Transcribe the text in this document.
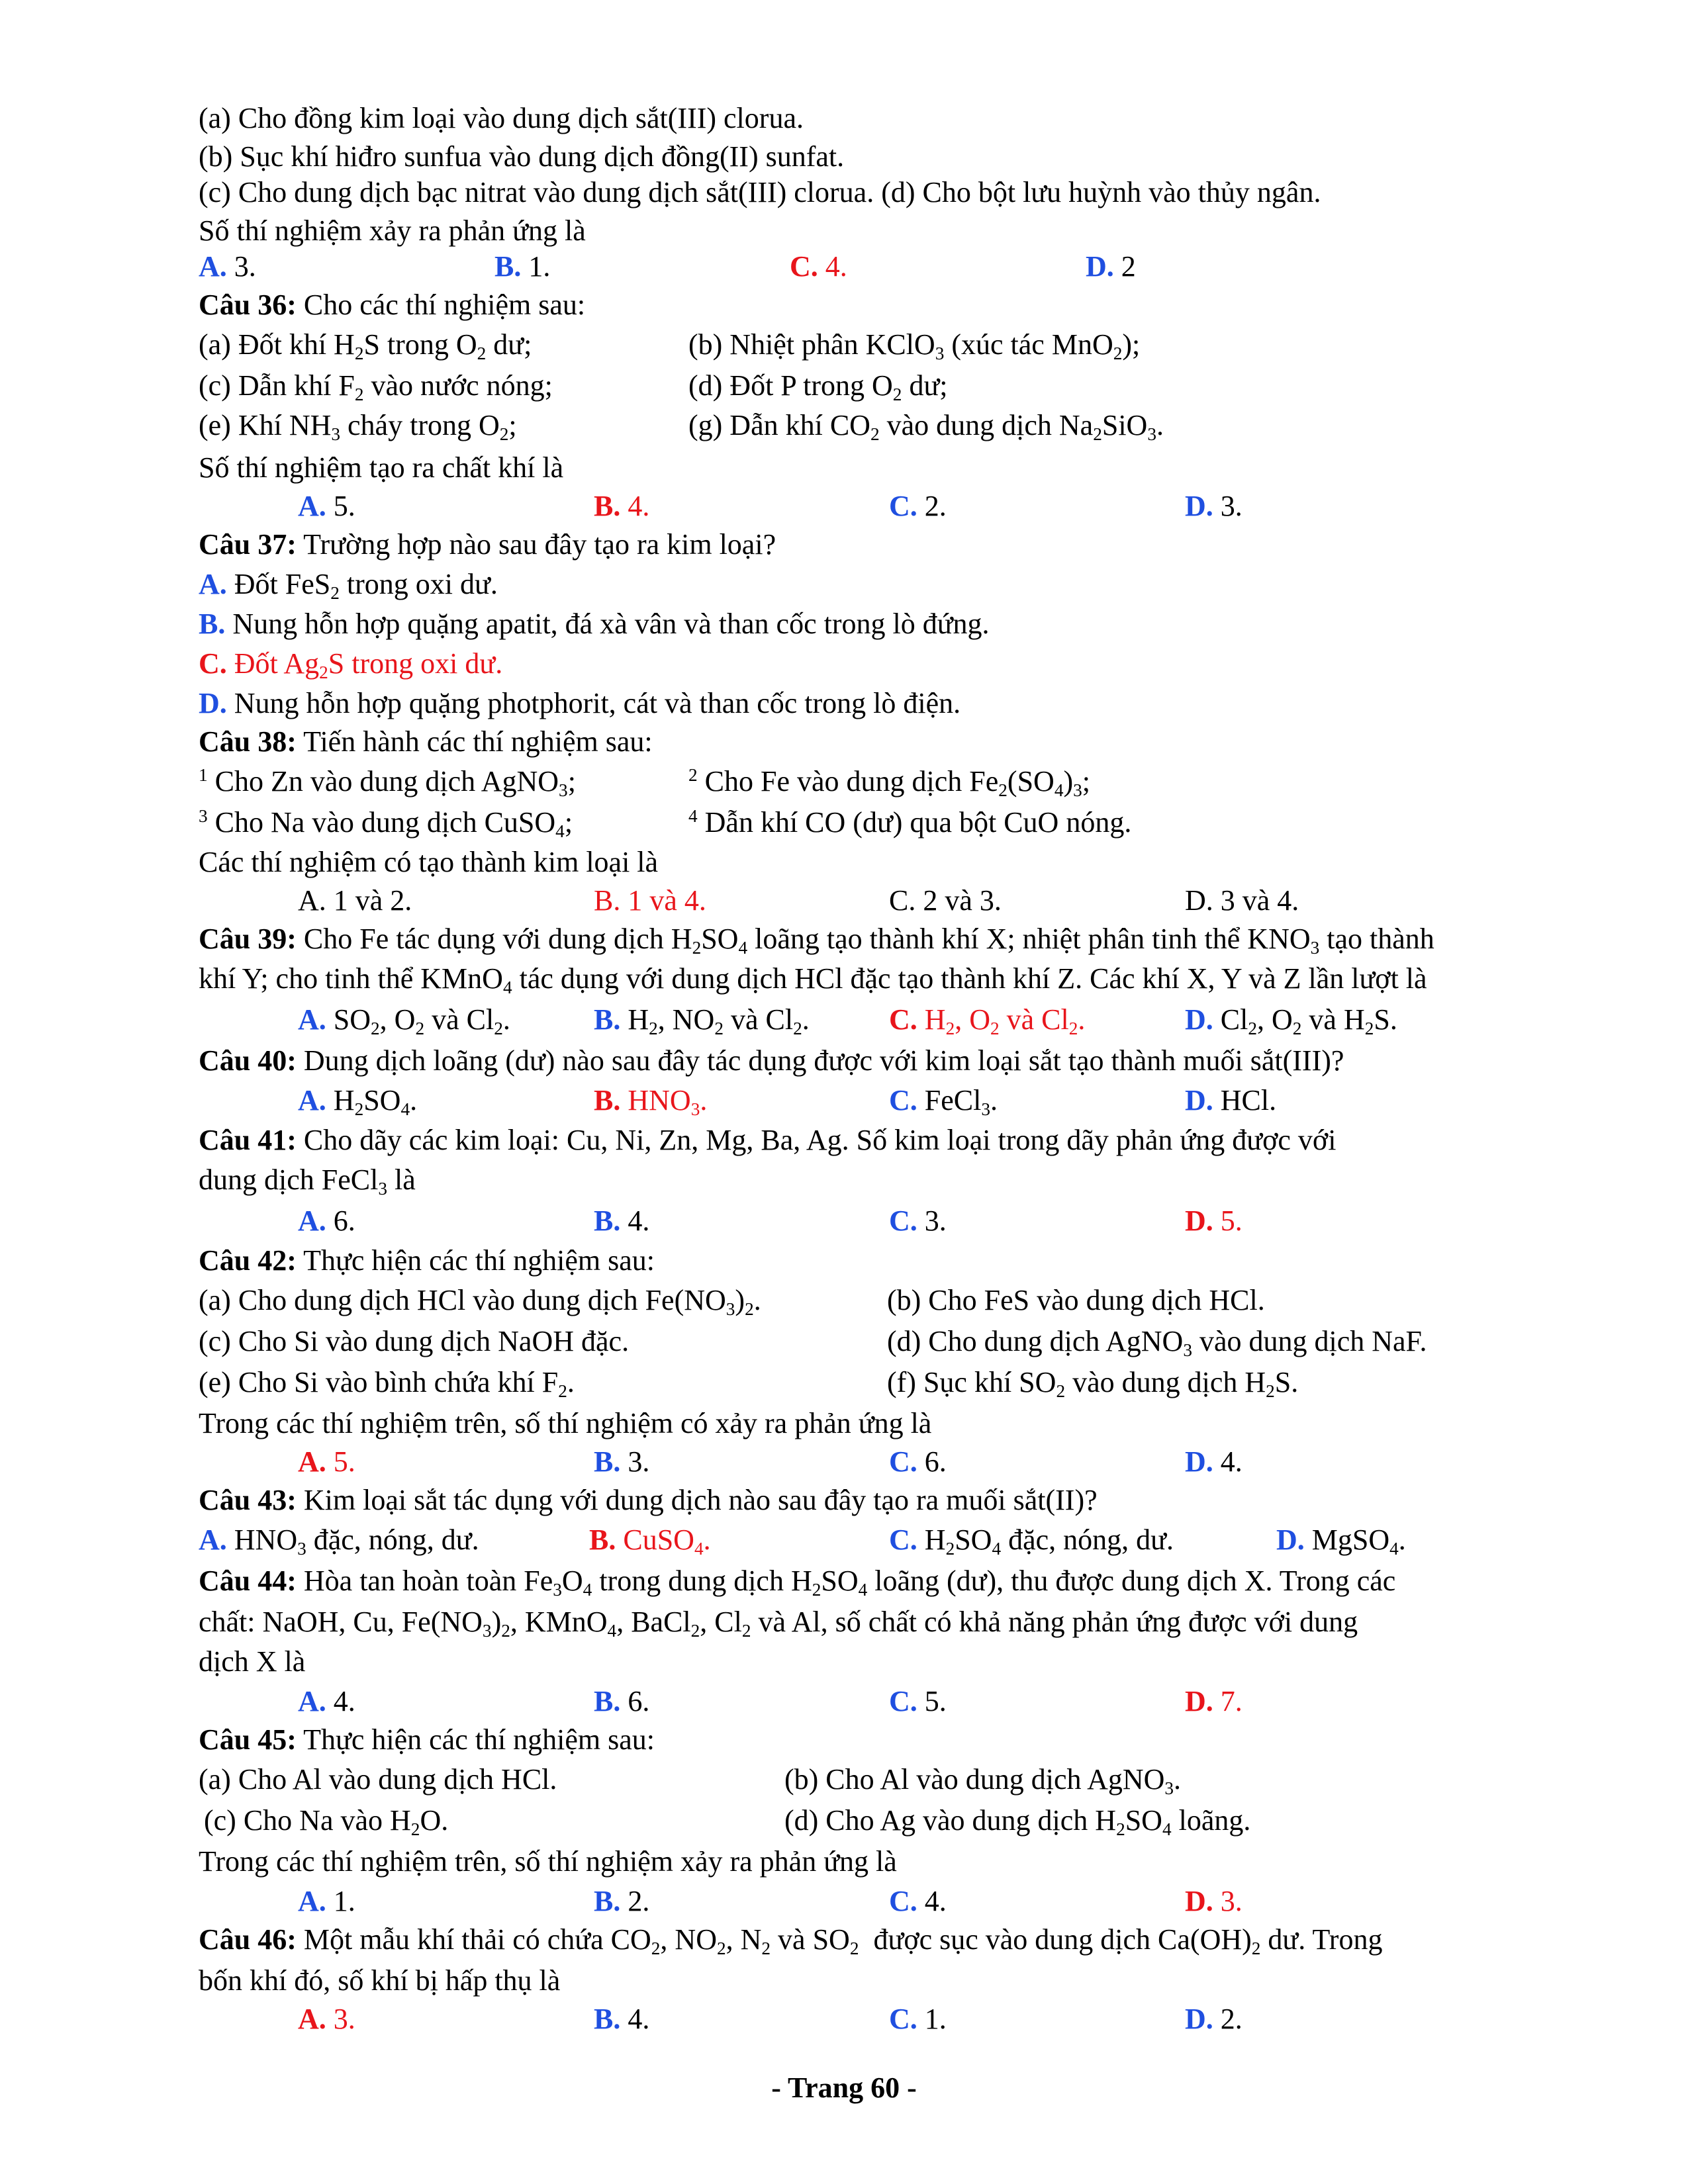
(a) Cho đồng kim loại vào dung dịch sắt(III) clorua.
(b) Sục khí hiđro sunfua vào dung dịch đồng(II) sunfat.
(c) Cho dung dịch bạc nitrat vào dung dịch sắt(III) clorua. (d) Cho bột lưu huỳnh vào thủy ngân.
Số thí nghiệm xảy ra phản ứng là
A. 3.	B. 1.	C. 4.	D. 2
Câu 36: Cho các thí nghiệm sau:
(a) Đốt khí $H_2S$ trong $O_2$ dư;	(b) Nhiệt phân KClO$_3$ (xúc tác MnO$_2$);
(c) Dẫn khí $F_2$ vào nước nóng;	(d) Đốt P trong $O_2$ dư;
(e) Khí $NH_3$ cháy trong $O_2$;	(g) Dẫn khí $CO_2$ vào dung dịch $Na_2SiO_3$.
Số thí nghiệm tạo ra chất khí là
A. 5.	B. 4.	C. 2.	D. 3.
Câu 37: Trường hợp nào sau đây tạo ra kim loại?
A. Đốt FeS$_2$ trong oxi dư.
B. Nung hỗn hợp quặng apatit, đá xà vân và than cốc trong lò đứng.
C. Đốt $Ag_2S$ trong oxi dư.
D. Nung hỗn hợp quặng photphorit, cát và than cốc trong lò điện.
Câu 38: Tiến hành các thí nghiệm sau:
$^1$ Cho Zn vào dung dịch AgNO$_3$;	$^2$ Cho Fe vào dung dịch $Fe_2(SO_4)_3$;
$^3$ Cho Na vào dung dịch CuSO$_4$;	$^4$ Dẫn khí CO (dư) qua bột CuO nóng.
Các thí nghiệm có tạo thành kim loại là
A. 1 và 2.	B. 1 và 4.	C. 2 và 3.	D. 3 và 4.
Câu 39: Cho Fe tác dụng với dung dịch $H_2SO_4$ loãng tạo thành khí X; nhiệt phân tinh thể $KNO_3$ tạo thành
khí Y; cho tinh thể KMnO$_4$ tác dụng với dung dịch HCl đặc tạo thành khí Z. Các khí X, Y và Z lần lượt là
A. $SO_2$, $O_2$ và $Cl_2$.	B. $H_2$, $NO_2$ và $Cl_2$.	C. $H_2$, $O_2$ và $Cl_2$.	D. $Cl_2$, $O_2$ và $H_2S$.
Câu 40: Dung dịch loãng (dư) nào sau đây tác dụng được với kim loại sắt tạo thành muối sắt(III)?
A. $H_2SO_4$.	B. $HNO_3$.	C. FeCl$_3$.	D. HCl.
Câu 41: Cho dãy các kim loại: Cu, Ni, Zn, Mg, Ba, Ag. Số kim loại trong dãy phản ứng được với
dung dịch FeCl$_3$ là
A. 6.	B. 4.	C. 3.	D. 5.
Câu 42: Thực hiện các thí nghiệm sau:
(a) Cho dung dịch HCl vào dung dịch $Fe(NO_3)_2$.	(b) Cho FeS vào dung dịch HCl.
(c) Cho Si vào dung dịch NaOH đặc.	(d) Cho dung dịch AgNO$_3$ vào dung dịch NaF.
(e) Cho Si vào bình chứa khí $F_2$.	(f) Sục khí $SO_2$ vào dung dịch $H_2S$.
Trong các thí nghiệm trên, số thí nghiệm có xảy ra phản ứng là
A. 5.	B. 3.	C. 6.	D. 4.
Câu 43: Kim loại sắt tác dụng với dung dịch nào sau đây tạo ra muối sắt(II)?
A. $HNO_3$ đặc, nóng, dư.	B. CuSO$_4$.	C. $H_2SO_4$ đặc, nóng, dư.	D. MgSO$_4$.
Câu 44: Hòa tan hoàn toàn $Fe_3O_4$ trong dung dịch $H_2SO_4$ loãng (dư), thu được dung dịch X. Trong các
chất: NaOH, Cu, $Fe(NO_3)_2$, KMnO$_4$, BaCl$_2$, $Cl_2$ và Al, số chất có khả năng phản ứng được với dung
dịch X là
A. 4.	B. 6.	C. 5.	D. 7.
Câu 45: Thực hiện các thí nghiệm sau:
(a) Cho Al vào dung dịch HCl.	(b) Cho Al vào dung dịch AgNO$_3$.
(c) Cho Na vào $H_2O$.	(d) Cho Ag vào dung dịch $H_2SO_4$ loãng.
Trong các thí nghiệm trên, số thí nghiệm xảy ra phản ứng là
A. 1.	B. 2.	C. 4.	D. 3.
Câu 46: Một mẫu khí thải có chứa $CO_2$, $NO_2$, $N_2$ và $SO_2$  được sục vào dung dịch $Ca(OH)_2$ dư. Trong
bốn khí đó, số khí bị hấp thụ là
A. 3.	B. 4.	C. 1.	D. 2.
- Trang 60 -
